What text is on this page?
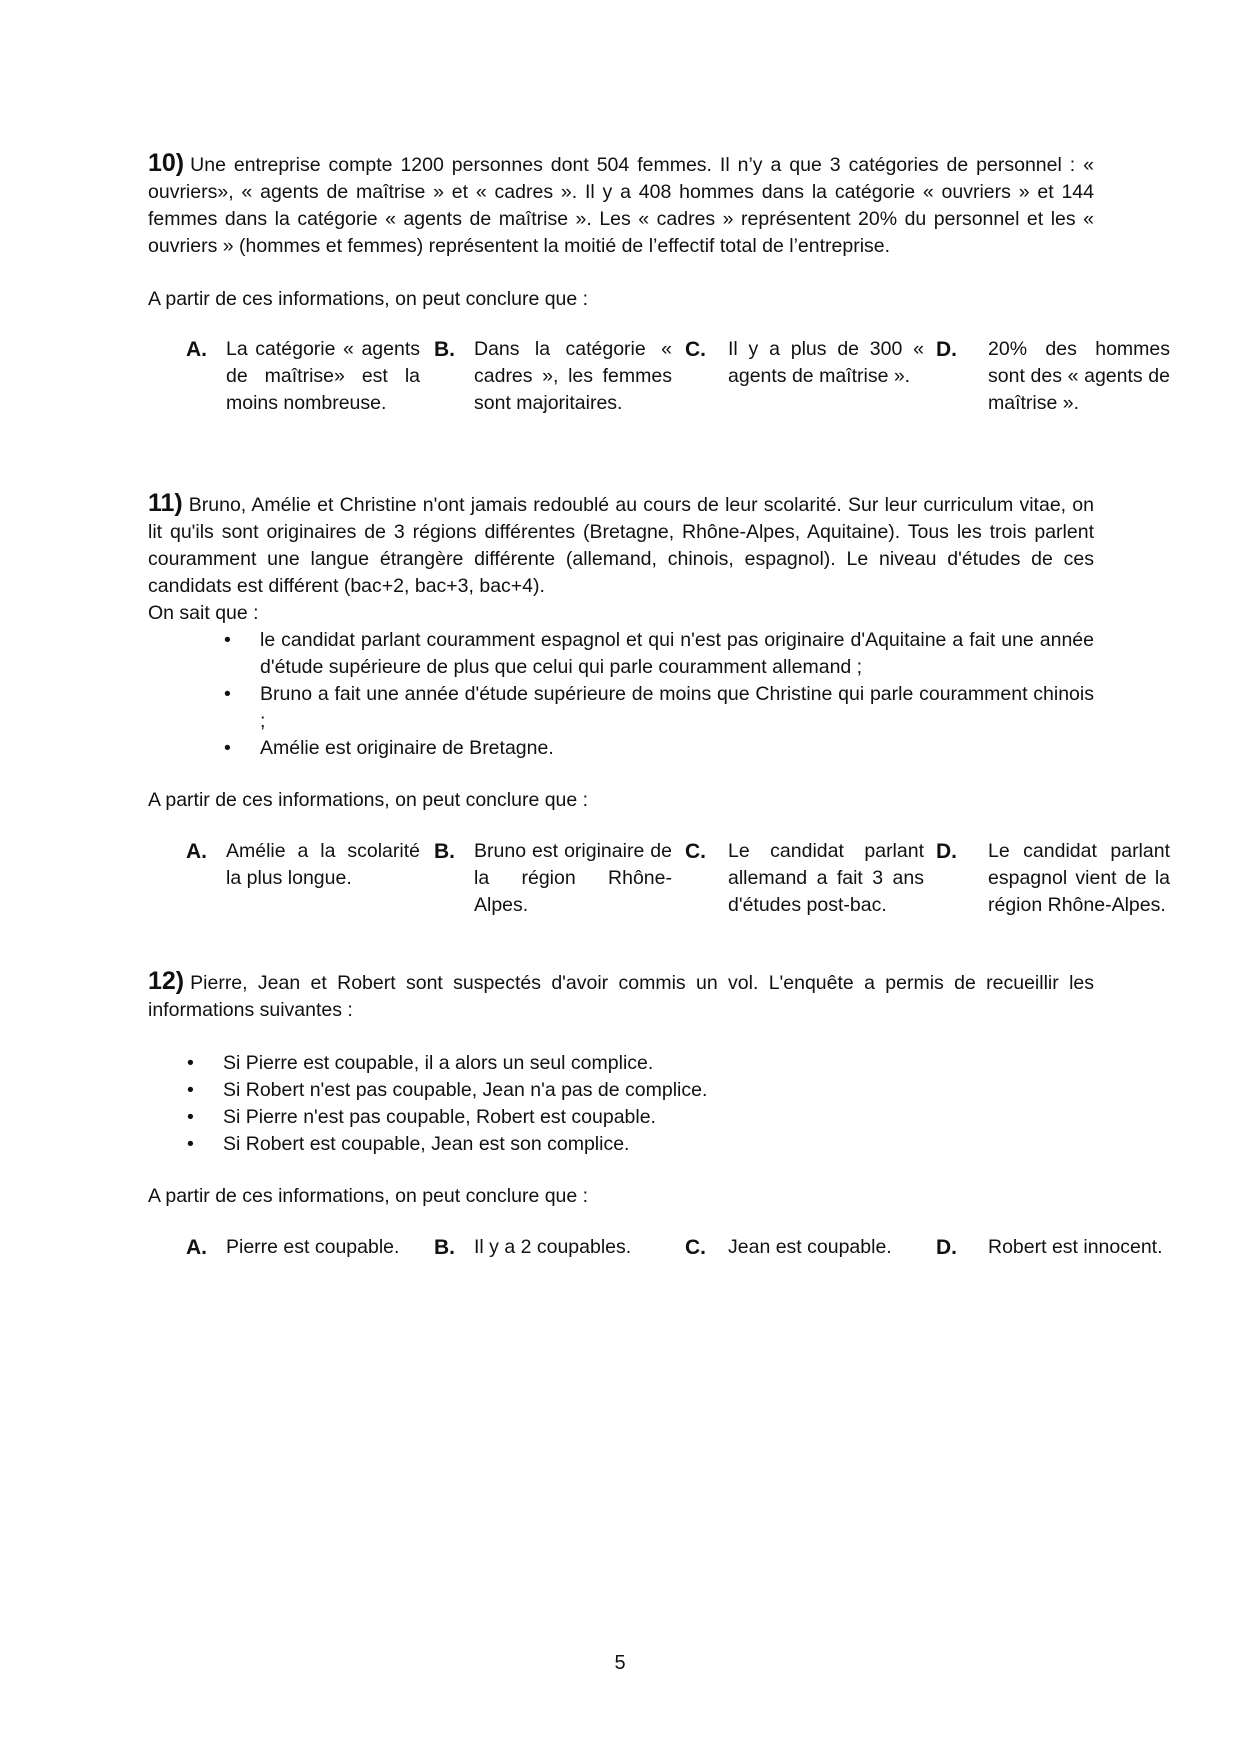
10) Une entreprise compte 1200 personnes dont 504 femmes. Il n’y a que 3 catégories de personnel : « ouvriers», « agents de maîtrise » et « cadres ». Il y a 408 hommes dans la catégorie « ouvriers » et 144 femmes dans la catégorie « agents de maîtrise ». Les « cadres » représentent 20% du personnel et les « ouvriers » (hommes et femmes) représentent la moitié de l’effectif total de l’entreprise.

A partir de ces informations, on peut conclure que :

A. La catégorie « agents de maîtrise» est la moins nombreuse.
B. Dans la catégorie « cadres », les femmes sont majoritaires.
C. Il y a plus de 300 « agents de maîtrise ».
D. 20% des hommes sont des « agents de maîtrise ».

11) Bruno, Amélie et Christine n'ont jamais redoublé au cours de leur scolarité. Sur leur curriculum vitae, on lit qu'ils sont originaires de 3 régions différentes (Bretagne, Rhône-Alpes, Aquitaine). Tous les trois parlent couramment une langue étrangère différente (allemand, chinois, espagnol). Le niveau d'études de ces candidats est différent (bac+2, bac+3, bac+4).

On sait que :

• le candidat parlant couramment espagnol et qui n'est pas originaire d'Aquitaine a fait une année d'étude supérieure de plus que celui qui parle couramment allemand ;
• Bruno a fait une année d'étude supérieure de moins que Christine qui parle couramment chinois ;
• Amélie est originaire de Bretagne.

A partir de ces informations, on peut conclure que :

A. Amélie a la scolarité la plus longue.
B. Bruno est originaire de la région Rhône-Alpes.
C. Le candidat parlant allemand a fait 3 ans d'études post-bac.
D. Le candidat parlant espagnol vient de la région Rhône-Alpes.

12) Pierre, Jean et Robert sont suspectés d'avoir commis un vol. L'enquête a permis de recueillir les informations suivantes :

• Si Pierre est coupable, il a alors un seul complice.
• Si Robert n'est pas coupable, Jean n'a pas de complice.
• Si Pierre n'est pas coupable, Robert est coupable.
• Si Robert est coupable, Jean est son complice.

A partir de ces informations, on peut conclure que :

A. Pierre est coupable.	B. Il y a 2 coupables.	C. Jean est coupable.	D. Robert est innocent.
5
